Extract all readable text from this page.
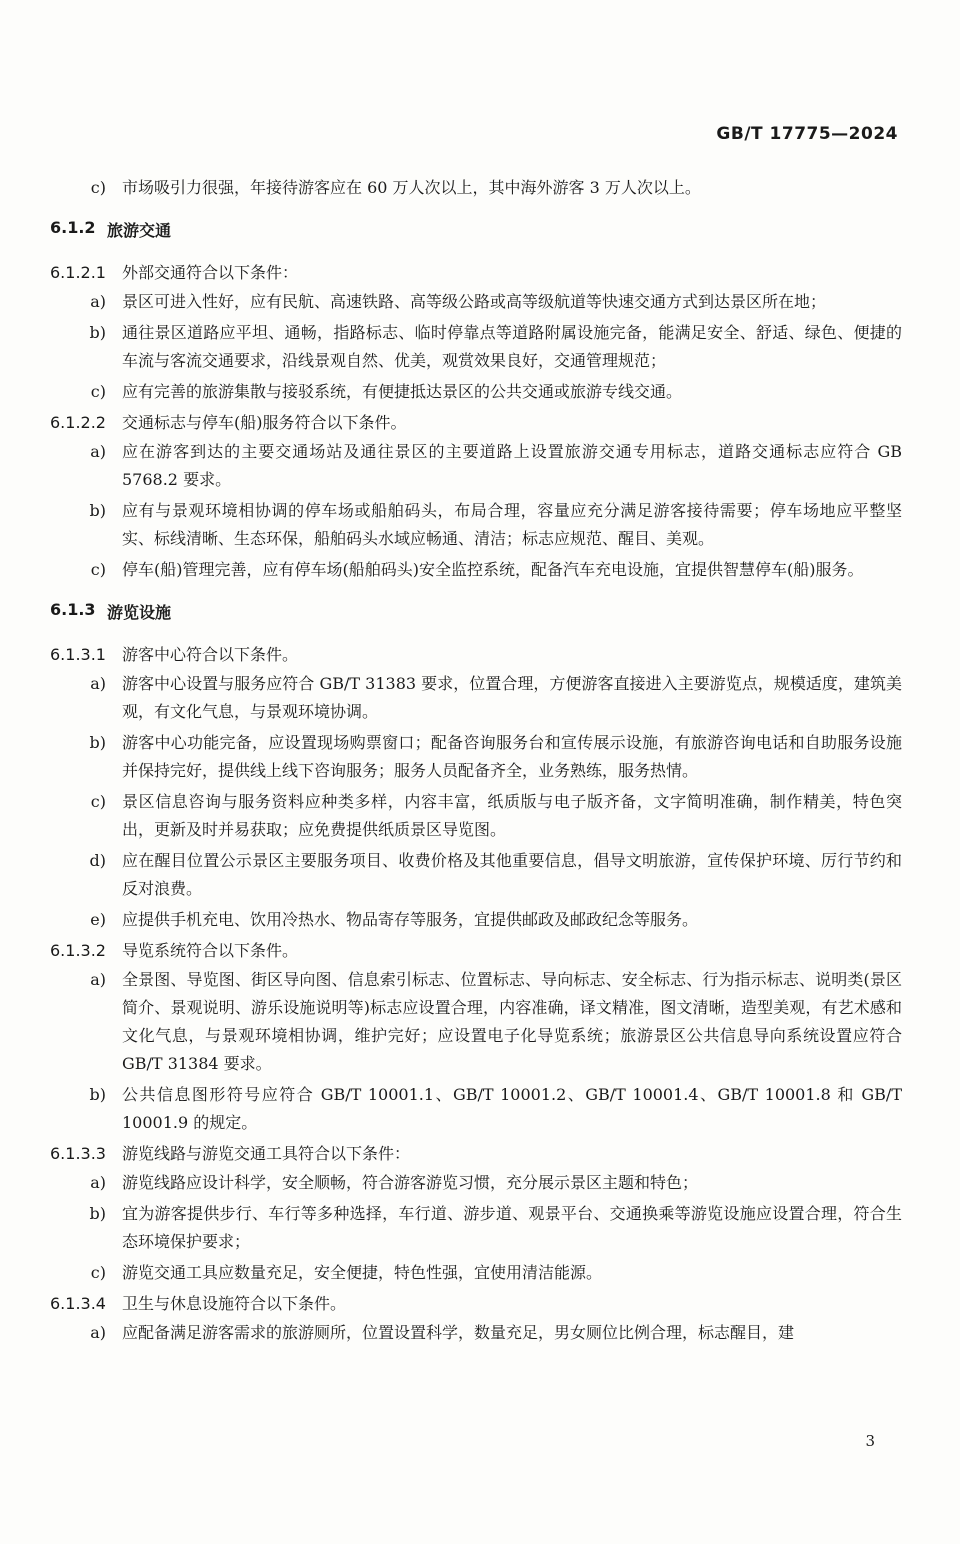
GB/T 17775—2024
c)	市场吸引力很强，年接待游客应在 60 万人次以上，其中海外游客 3 万人次以上。
6.1.2 旅游交通
6.1.2.1	外部交通符合以下条件：
a)	景区可进入性好，应有民航、高速铁路、高等级公路或高等级航道等快速交通方式到达景区所在地；
b)	通往景区道路应平坦、通畅，指路标志、临时停靠点等道路附属设施完备，能满足安全、舒适、绿色、便捷的车流与客流交通要求，沿线景观自然、优美，观赏效果良好，交通管理规范；
c)	应有完善的旅游集散与接驳系统，有便捷抵达景区的公共交通或旅游专线交通。
6.1.2.2	交通标志与停车(船)服务符合以下条件。
a)	应在游客到达的主要交通场站及通往景区的主要道路上设置旅游交通专用标志，道路交通标志应符合 GB 5768.2 要求。
b)	应有与景观环境相协调的停车场或船舶码头，布局合理，容量应充分满足游客接待需要；停车场地应平整坚实、标线清晰、生态环保，船舶码头水域应畅通、清洁；标志应规范、醒目、美观。
c)	停车(船)管理完善，应有停车场(船舶码头)安全监控系统，配备汽车充电设施，宜提供智慧停车(船)服务。
6.1.3 游览设施
6.1.3.1	游客中心符合以下条件。
a)	游客中心设置与服务应符合 GB/T 31383 要求，位置合理，方便游客直接进入主要游览点，规模适度，建筑美观，有文化气息，与景观环境协调。
b)	游客中心功能完备，应设置现场购票窗口；配备咨询服务台和宣传展示设施，有旅游咨询电话和自助服务设施并保持完好，提供线上线下咨询服务；服务人员配备齐全，业务熟练，服务热情。
c)	景区信息咨询与服务资料应种类多样，内容丰富，纸质版与电子版齐备，文字简明准确，制作精美，特色突出，更新及时并易获取；应免费提供纸质景区导览图。
d)	应在醒目位置公示景区主要服务项目、收费价格及其他重要信息，倡导文明旅游，宣传保护环境、厉行节约和反对浪费。
e)	应提供手机充电、饮用冷热水、物品寄存等服务，宜提供邮政及邮政纪念等服务。
6.1.3.2	导览系统符合以下条件。
a)	全景图、导览图、街区导向图、信息索引标志、位置标志、导向标志、安全标志、行为指示标志、说明类(景区简介、景观说明、游乐设施说明等)标志应设置合理，内容准确，译文精准，图文清晰，造型美观，有艺术感和文化气息，与景观环境相协调，维护完好；应设置电子化导览系统；旅游景区公共信息导向系统设置应符合 GB/T 31384 要求。
b)	公共信息图形符号应符合 GB/T 10001.1、GB/T 10001.2、GB/T 10001.4、GB/T 10001.8 和 GB/T 10001.9 的规定。
6.1.3.3	游览线路与游览交通工具符合以下条件：
a)	游览线路应设计科学，安全顺畅，符合游客游览习惯，充分展示景区主题和特色；
b)	宜为游客提供步行、车行等多种选择，车行道、游步道、观景平台、交通换乘等游览设施应设置合理，符合生态环境保护要求；
c)	游览交通工具应数量充足，安全便捷，特色性强，宜使用清洁能源。
6.1.3.4	卫生与休息设施符合以下条件。
a)	应配备满足游客需求的旅游厕所，位置设置科学，数量充足，男女厕位比例合理，标志醒目，建
3
